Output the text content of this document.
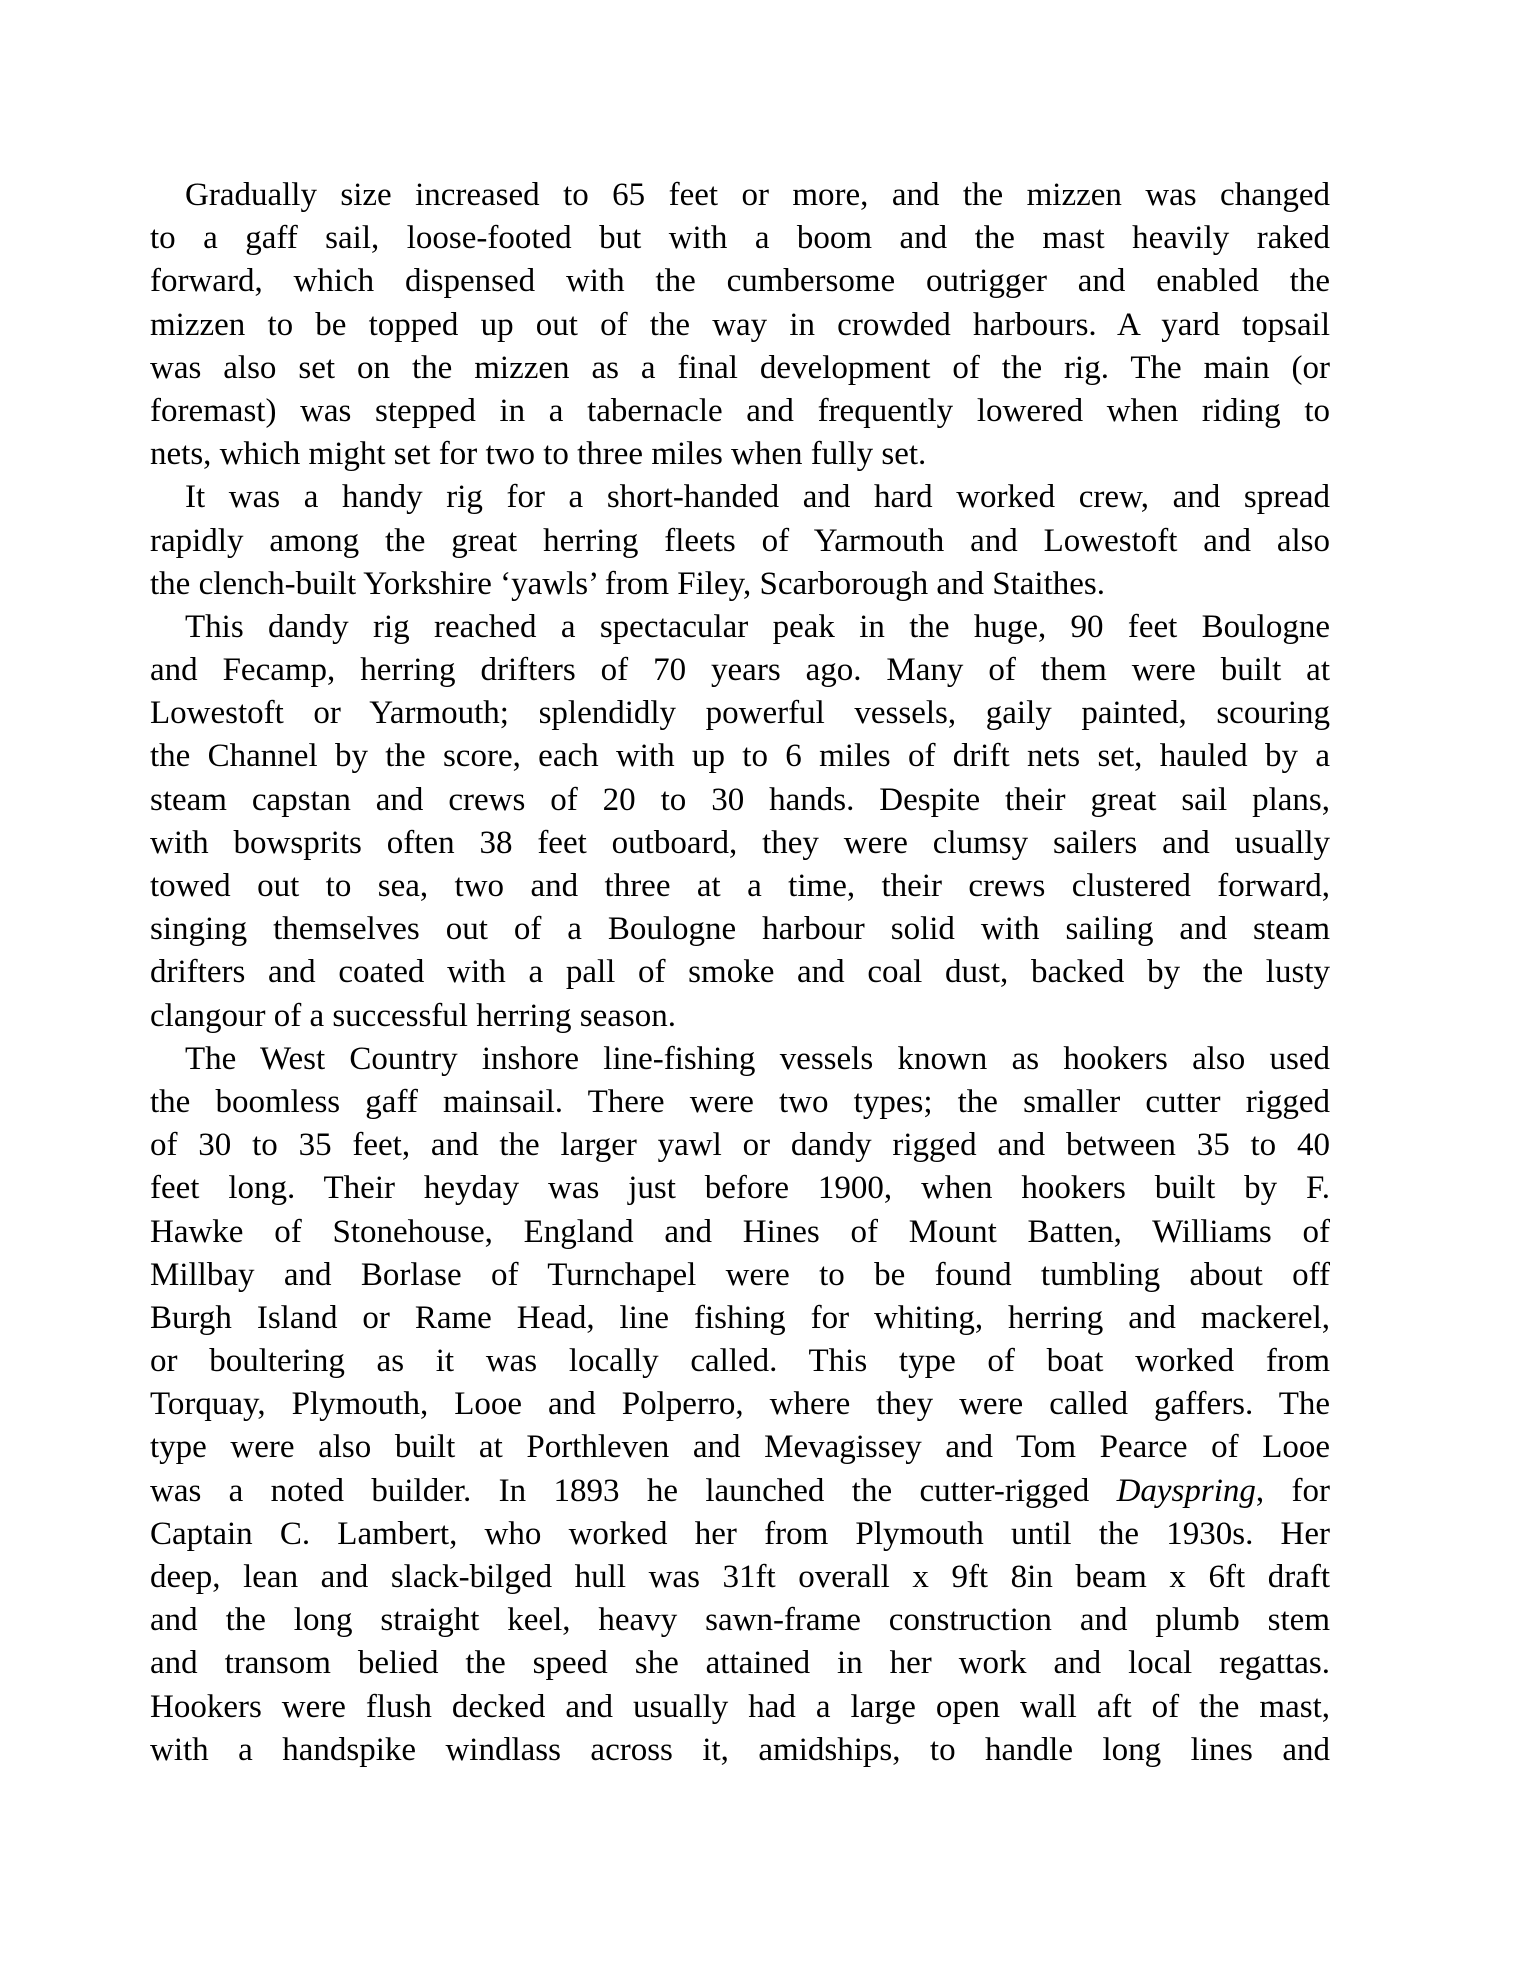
Gradually size increased to 65 feet or more, and the mizzen was changed
to a gaff sail, loose-footed but with a boom and the mast heavily raked
forward, which dispensed with the cumbersome outrigger and enabled the
mizzen to be topped up out of the way in crowded harbours. A yard topsail
was also set on the mizzen as a final development of the rig. The main (or
foremast) was stepped in a tabernacle and frequently lowered when riding to
nets, which might set for two to three miles when fully set.
It was a handy rig for a short-handed and hard worked crew, and spread
rapidly among the great herring fleets of Yarmouth and Lowestoft and also
the clench-built Yorkshire ‘yawls’ from Filey, Scarborough and Staithes.
This dandy rig reached a spectacular peak in the huge, 90 feet Boulogne
and Fecamp, herring drifters of 70 years ago. Many of them were built at
Lowestoft or Yarmouth; splendidly powerful vessels, gaily painted, scouring
the Channel by the score, each with up to 6 miles of drift nets set, hauled by a
steam capstan and crews of 20 to 30 hands. Despite their great sail plans,
with bowsprits often 38 feet outboard, they were clumsy sailers and usually
towed out to sea, two and three at a time, their crews clustered forward,
singing themselves out of a Boulogne harbour solid with sailing and steam
drifters and coated with a pall of smoke and coal dust, backed by the lusty
clangour of a successful herring season.
The West Country inshore line-fishing vessels known as hookers also used
the boomless gaff mainsail. There were two types; the smaller cutter rigged
of 30 to 35 feet, and the larger yawl or dandy rigged and between 35 to 40
feet long. Their heyday was just before 1900, when hookers built by F.
Hawke of Stonehouse, England and Hines of Mount Batten, Williams of
Millbay and Borlase of Turnchapel were to be found tumbling about off
Burgh Island or Rame Head, line fishing for whiting, herring and mackerel,
or boultering as it was locally called. This type of boat worked from
Torquay, Plymouth, Looe and Polperro, where they were called gaffers. The
type were also built at Porthleven and Mevagissey and Tom Pearce of Looe
was a noted builder. In 1893 he launched the cutter-rigged Dayspring, for
Captain C. Lambert, who worked her from Plymouth until the 1930s. Her
deep, lean and slack-bilged hull was 31ft overall x 9ft 8in beam x 6ft draft
and the long straight keel, heavy sawn-frame construction and plumb stem
and transom belied the speed she attained in her work and local regattas.
Hookers were flush decked and usually had a large open wall aft of the mast,
with a handspike windlass across it, amidships, to handle long lines and
